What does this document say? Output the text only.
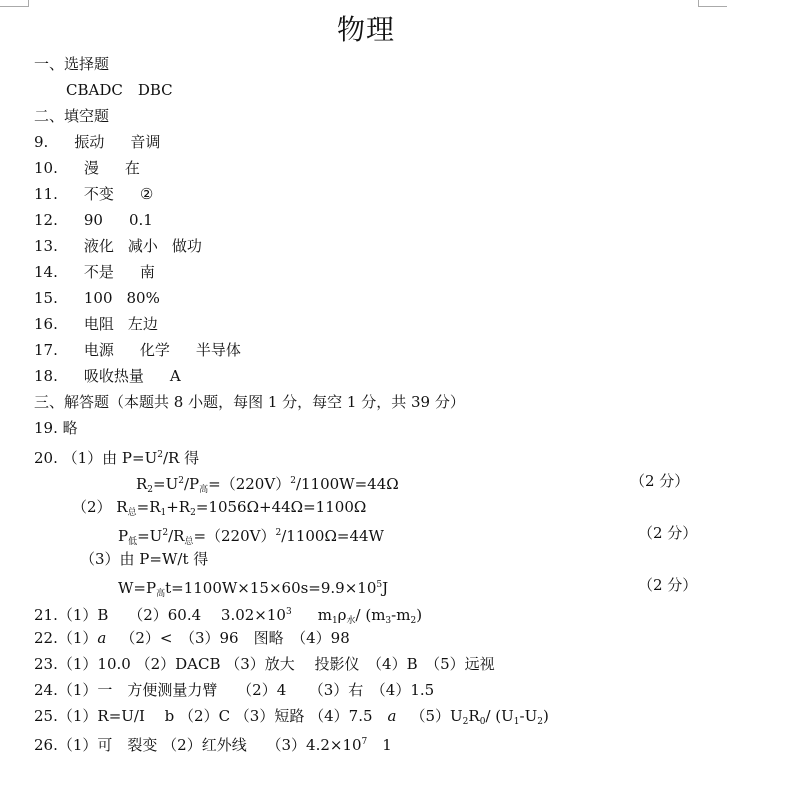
物理
一、选择题
CBADC　DBC
二、填空题
9. 振动 音调
10. 漫 在
11. 不变 ②
12. 90 0.1
13. 液化 减小 做功
14. 不是 南
15. 100 80%
16. 电阻 左边
17. 电源 化学 半导体
18. 吸收热量 A
三、解答题（本题共 8 小题，每图 1 分，每空 1 分，共 39 分）
19. 略
20. （1）由 $P=U^2/R$ 得
$R_2=U^2/P_高=(220V)^2/1100W=44\Omega$	（2 分）
（2） $R_总=R_1+R_2=1056\Omega+44\Omega=1100\Omega$
$P_低=U^2/R_总=(220V)^2/1100\Omega=44W$	（2 分）
（3）由 P=W/t 得
$W=P_高t=1100W\times 15\times 60s=9.9\times 10^5J$	（2 分）
21.（1）B　 （2）60.4　 $3.02\times 10^3$ $m_1\rho_水/$ $(m_3-m_2)$
22.（1）a （2）<　（3）96　图略　（4）98
23.（1）10.0 （2）DACB （3）放大　 投影仪　（4）B　（5）远视
24.（1）一　方便测量力臂　 （2）4　　（3）右　（4）1.5
25.（1）R=U/I　 b （2）C （3）短路 （4）7.5　a $(5)U_2R_0/$ $(U_1-U_2)$
26.（1）可　裂变 （2）红外线　 $(3)4.2\times 10^7$　1
